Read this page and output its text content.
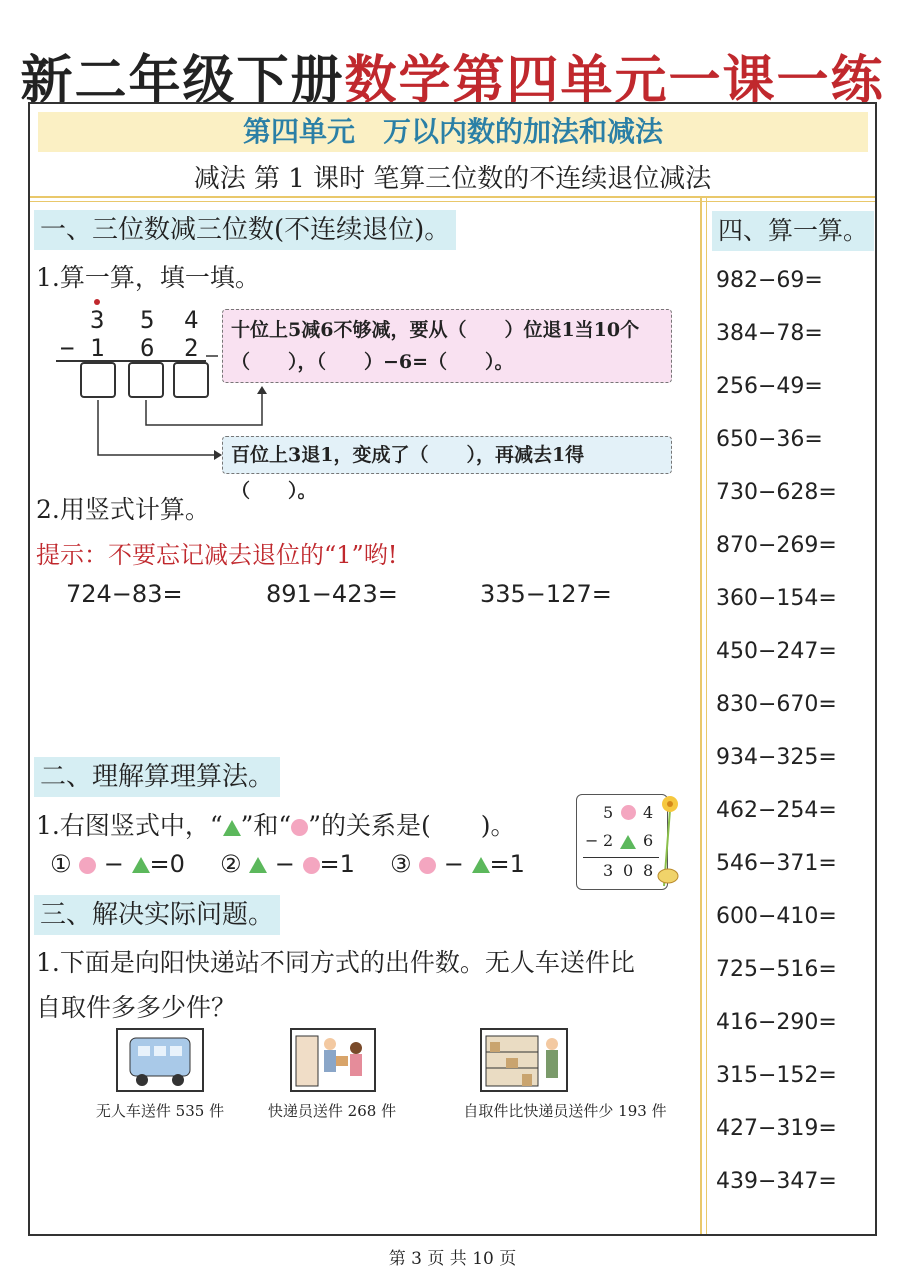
新二年级下册数学第四单元一课一练
第四单元　万以内数的加法和减法
减法 第 1 课时 笔算三位数的不连续退位减法
一、三位数减三位数(不连续退位)。
1.算一算，填一填。
3 5 4
− 1 6 2
十位上5减6不够减，要从（　　）位退1当10个
（　　），（　　）−6=（　　）。
百位上3退1，变成了（　　），再减去1得（　　）。
2.用竖式计算。
提示：不要忘记减去退位的“1”哟!
724−83=	891−423=	335−127=
二、理解算理算法。
1.右图竖式中，“ ”和“ ”的关系是(　　)。
①  − =0 ②  − =1 ③  − =1
5 4
− 2 6
3 0 8
三、解决实际问题。
1.下面是向阳快递站不同方式的出件数。无人车送件比
自取件多多少件？
无人车送件 535 件	快递员送件 268 件	自取件比快递员送件少 193 件
四、算一算。
982−69=
384−78=
256−49=
650−36=
730−628=
870−269=
360−154=
450−247=
830−670=
934−325=
462−254=
546−371=
600−410=
725−516=
416−290=
315−152=
427−319=
439−347=
第 3 页 共 10 页
